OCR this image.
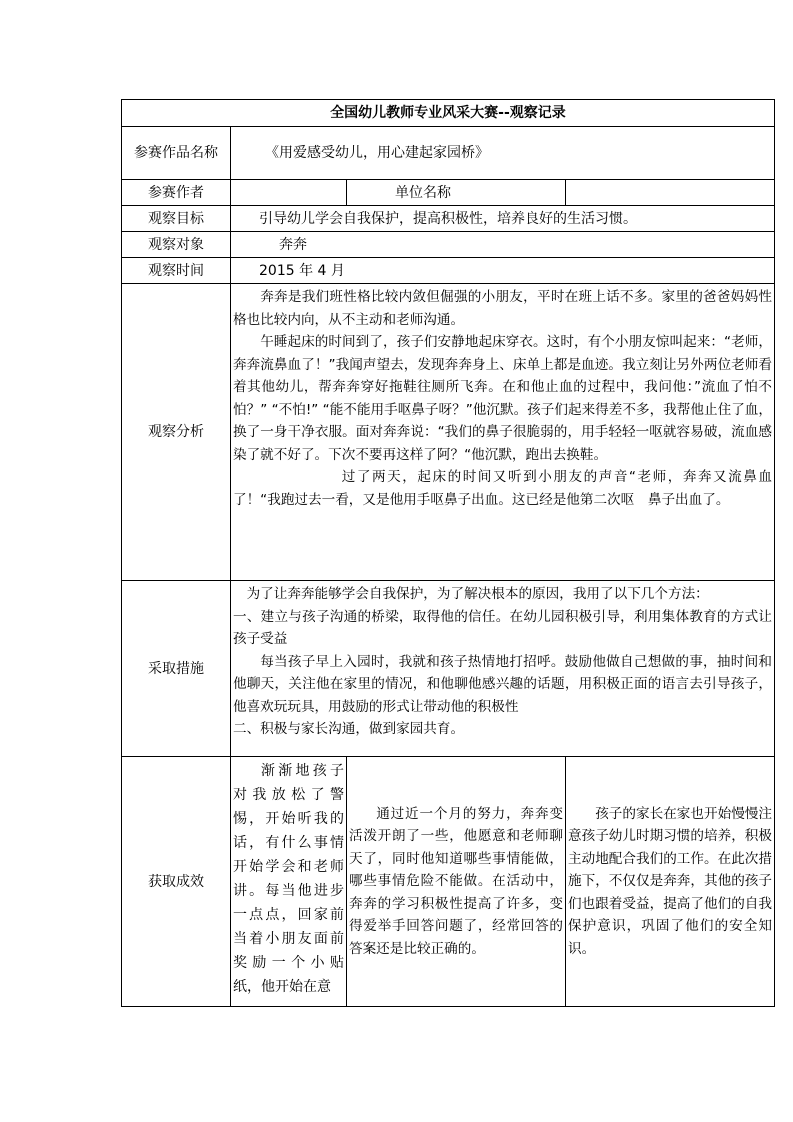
全国幼儿教师专业风采大赛--观察记录			
参赛作品名称	《用爱感受幼儿，用心建起家园桥》		
参赛作者		单位名称	
观察目标	引导幼儿学会自我保护，提高积极性，培养良好的生活习惯。		
观察对象	奔奔		
观察时间	2015 年 4 月		
观察分析	奔奔是我们班性格比较内敛但倔强的小朋友，平时在班上话不多。家里的爸爸妈妈性格也比较内向，从不主动和老师沟通。

午睡起床的时间到了，孩子们安静地起床穿衣。这时，有个小朋友惊叫起来：“老师，奔奔流鼻血了！”我闻声望去，发现奔奔身上、床单上都是血迹。我立刻让另外两位老师看着其他幼儿，帮奔奔穿好拖鞋往厕所飞奔。在和他止血的过程中，我问他：”流血了怕不怕？” “不怕!” “能不能用手呕鼻子呀？”他沉默。孩子们起来得差不多，我帮他止住了血，换了一身干净衣服。面对奔奔说：“我们的鼻子很脆弱的，用手轻轻一呕就容易破，流血感染了就不好了。下次不要再这样了阿？“他沉默，跑出去换鞋。

过了两天，起床的时间又听到小朋友的声音“老师，奔奔又流鼻血了！“我跑过去一看，又是他用手呕鼻子出血。这已经是他第二次呕　鼻子出血了。		

采取措施	为了让奔奔能够学会自我保护，为了解决根本的原因，我用了以下几个方法：

一、建立与孩子沟通的桥梁，取得他的信任。在幼儿园积极引导，利用集体教育的方式让孩子受益

每当孩子早上入园时，我就和孩子热情地打招呼。鼓励他做自己想做的事，抽时间和他聊天，关注他在家里的情况，和他聊他感兴趣的话题，用积极正面的语言去引导孩子，他喜欢玩玩具，用鼓励的形式让带动他的积极性

二、积极与家长沟通，做到家园共育。		

获取成效	渐渐地孩子对我放松了警惕，开始听我的话，有什么事情开始学会和老师讲。每当他进步一点点，回家前当着小朋友面前奖励一个小贴纸，他开始在意	通过近一个月的努力，奔奔变活泼开朗了一些，他愿意和老师聊天了，同时他知道哪些事情能做，哪些事情危险不能做。在活动中，奔奔的学习积极性提高了许多，变得爱举手回答问题了，经常回答的答案还是比较正确的。	孩子的家长在家也开始慢慢注意孩子幼儿时期习惯的培养，积极主动地配合我们的工作。在此次措施下，不仅仅是奔奔，其他的孩子们也跟着受益，提高了他们的自我保护意识，巩固了他们的安全知识。
